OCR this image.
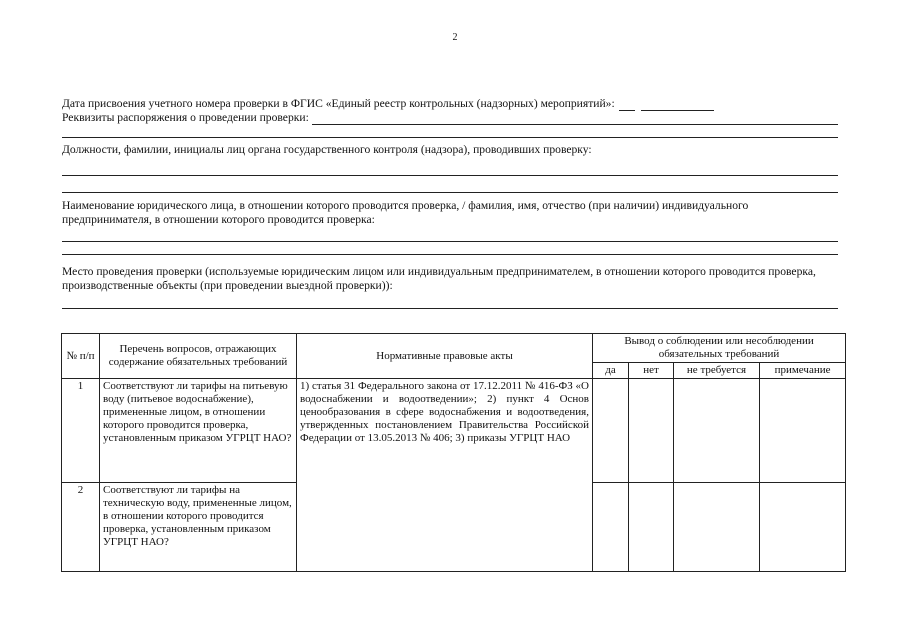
2
Дата присвоения учетного номера проверки в ФГИС «Единый реестр контрольных (надзорных) мероприятий»:
Реквизиты распоряжения о проведении проверки:

Должности, фамилии, инициалы лиц органа государственного контроля (надзора), проводивших проверку:

Наименование юридического лица, в отношении которого проводится проверка, / фамилия, имя, отчество (при наличии) индивидуального предпринимателя, в отношении которого проводится проверка:

Место проведения проверки (используемые юридическим лицом или индивидуальным предпринимателем, в отношении которого проводится проверка, производственные объекты (при проведении выездной проверки)):

№ п/п	Перечень вопросов, отражающих содержание обязательных требований	Нормативные правовые акты	Вывод о соблюдении или несоблюдении обязательных требований			
			да	нет	не требуется	примечание
1	Соответствуют ли тарифы на питьевую воду (питьевое водоснабжение), примененные лицом, в отношении которого проводится проверка, установленным приказом УГРЦТ НАО?	1) статья 31 Федерального закона от 17.12.2011 № 416-ФЗ «О водоснабжении и водоотведении»; 2) пункт 4 Основ ценообразования в сфере водоснабжения и водоотведения, утвержденных постановлением Правительства Российской Федерации от 13.05.2013 № 406; 3) приказы УГРЦТ НАО				
2	Соответствуют ли тарифы на техническую воду, примененные лицом, в отношении которого проводится проверка, установленным приказом УГРЦТ НАО?					
